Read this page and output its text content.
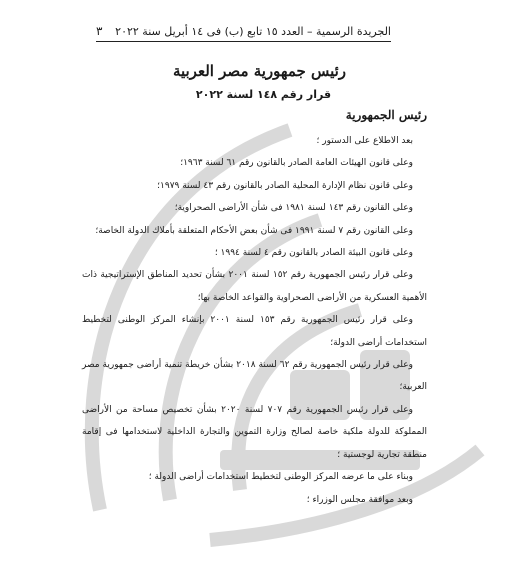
الجريدة الرسمية – العدد ١٥ تابع (ب) فى ١٤ أبريل سنة ٢٠٢٢
٣
رئيس جمهورية مصر العربية
قرار رقم ١٤٨ لسنة ٢٠٢٢
رئيس الجمهورية

بعد الاطلاع على الدستور ؛

وعلى قانون الهيئات العامة الصادر بالقانون رقم ٦١ لسنة ١٩٦٣؛

وعلى قانون نظام الإدارة المحلية الصادر بالقانون رقم ٤٣ لسنة ١٩٧٩؛

وعلى القانون رقم ١٤٣ لسنة ١٩٨١ فى شأن الأراضى الصحراوية؛

وعلى القانون رقم ٧ لسنة ١٩٩١ فى شأن بعض الأحكام المتعلقة بأملاك الدولة الخاصة؛

وعلى قانون البيئة الصادر بالقانون رقم ٤ لسنة ١٩٩٤ ؛

وعلى قرار رئيس الجمهورية رقم ١٥٢ لسنة ٢٠٠١ بشأن تحديد المناطق الإستراتيجية ذات الأهمية العسكرية من الأراضى الصحراوية والقواعد الخاصة بها؛

وعلى قرار رئيس الجمهورية رقم ١٥٣ لسنة ٢٠٠١ بإنشاء المركز الوطنى لتخطيط استخدامات أراضى الدولة؛

وعلى قرار رئيس الجمهورية رقم ٦٢ لسنة ٢٠١٨ بشأن خريطة تنمية أراضى جمهورية مصر العربية؛

وعلى قرار رئيس الجمهورية رقم ٧٠٧ لسنة ٢٠٢٠ بشأن تخصيص مساحة من الأراضى المملوكة للدولة ملكية خاصة لصالح وزارة التموين والتجارة الداخلية لاستخدامها فى إقامة منطقة تجارية لوجستية ؛

وبناء على ما عرضه المركز الوطنى لتخطيط استخدامات أراضى الدولة ؛

وبعد موافقة مجلس الوزراء ؛
